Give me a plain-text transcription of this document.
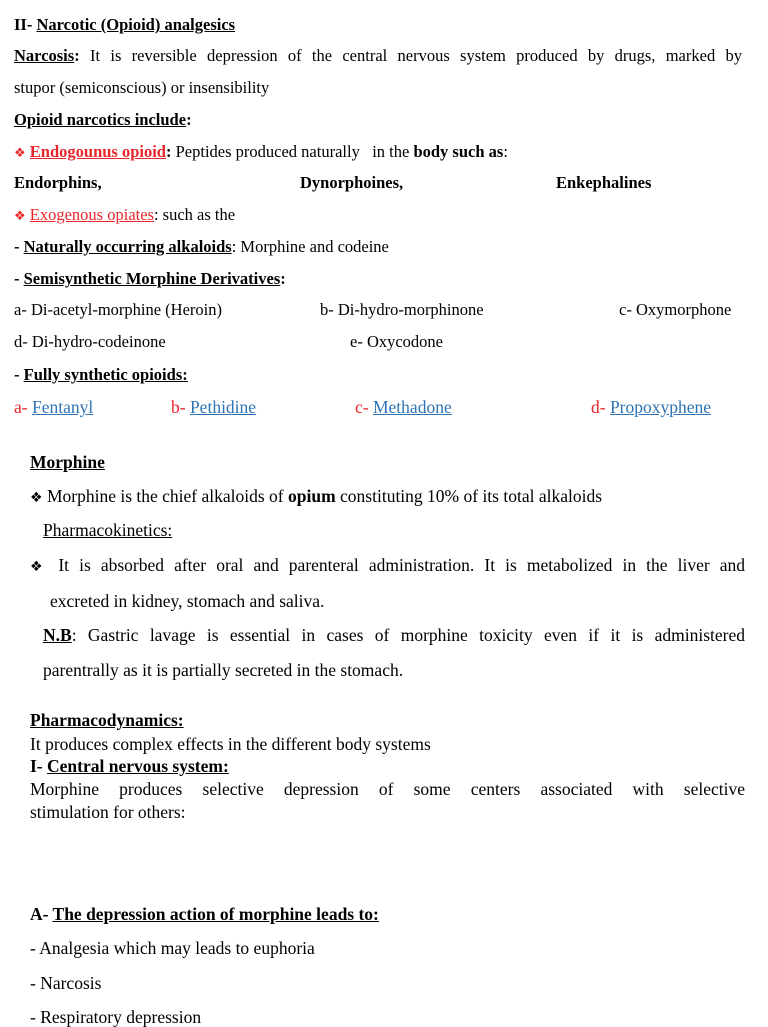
II- Narcotic (Opioid) analgesics
Narcosis: It is reversible depression of the central nervous system produced by drugs, marked by
stupor (semiconscious) or insensibility
Opioid narcotics include:
❖ Endogounus opioid: Peptides produced naturally in the body such as:
Endorphins,	Dynorphoines,	Enkephalines
❖ Exogenous opiates: such as the
- Naturally occurring alkaloids: Morphine and codeine
- Semisynthetic Morphine Derivatives:
a- Di-acetyl-morphine (Heroin)	b- Di-hydro-morphinone	c- Oxymorphone
d- Di-hydro-codeinone	e- Oxycodone
- Fully synthetic opioids:
a- Fentanyl	b- Pethidine	c- Methadone	d- Propoxyphene
Morphine
❖ Morphine is the chief alkaloids of opium constituting 10% of its total alkaloids
Pharmacokinetics:
❖ It is absorbed after oral and parenteral administration. It is metabolized in the liver and
excreted in kidney, stomach and saliva.
N.B: Gastric lavage is essential in cases of morphine toxicity even if it is administered
parentrally as it is partially secreted in the stomach.
Pharmacodynamics:
It produces complex effects in the different body systems
I- Central nervous system:
Morphine produces selective depression of some centers associated with selective
stimulation for others:
A- The depression action of morphine leads to:
- Analgesia which may leads to euphoria
- Narcosis
- Respiratory depression
